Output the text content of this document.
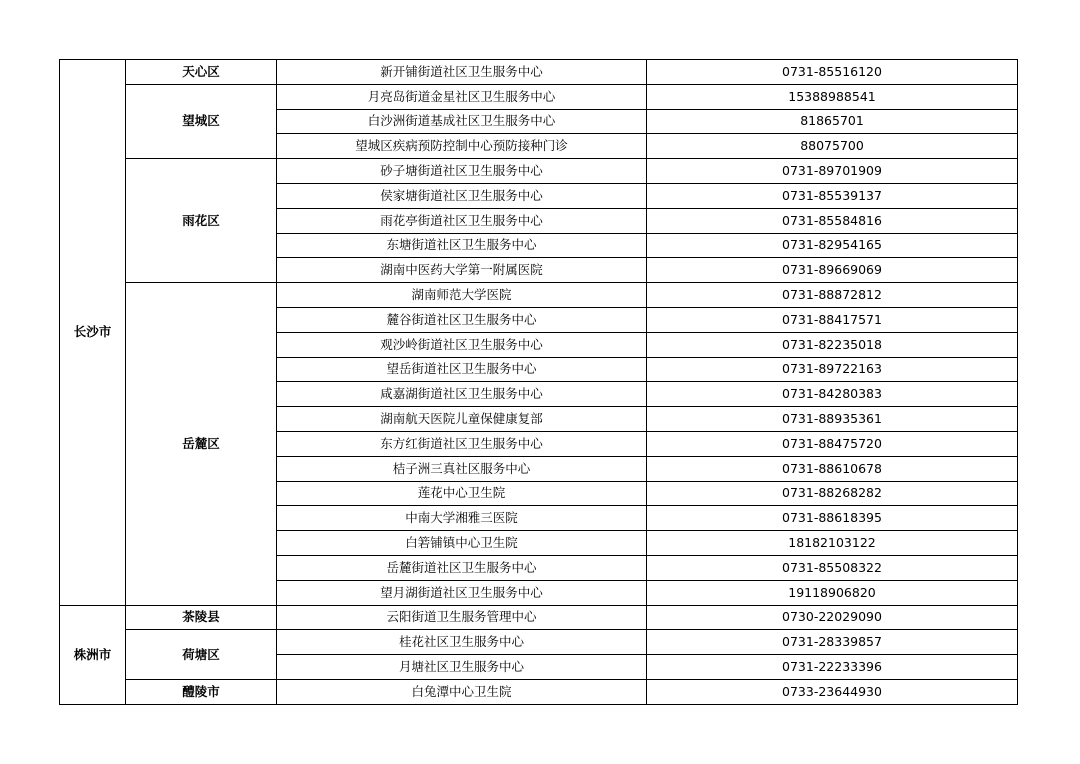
长沙市	天心区	新开铺街道社区卫生服务中心	0731-85516120
	望城区	月亮岛街道金星社区卫生服务中心	15388988541
		白沙洲街道基成社区卫生服务中心	81865701
		望城区疾病预防控制中心预防接种门诊	88075700
	雨花区	砂子塘街道社区卫生服务中心	0731-89701909
		侯家塘街道社区卫生服务中心	0731-85539137
		雨花亭街道社区卫生服务中心	0731-85584816
		东塘街道社区卫生服务中心	0731-82954165
		湖南中医药大学第一附属医院	0731-89669069
	岳麓区	湖南师范大学医院	0731-88872812
		麓谷街道社区卫生服务中心	0731-88417571
		观沙岭街道社区卫生服务中心	0731-82235018
		望岳街道社区卫生服务中心	0731-89722163
		咸嘉湖街道社区卫生服务中心	0731-84280383
		湖南航天医院儿童保健康复部	0731-88935361
		东方红街道社区卫生服务中心	0731-88475720
		桔子洲三真社区服务中心	0731-88610678
		莲花中心卫生院	0731-88268282
		中南大学湘雅三医院	0731-88618395
		白箬铺镇中心卫生院	18182103122
		岳麓街道社区卫生服务中心	0731-85508322
		望月湖街道社区卫生服务中心	19118906820
株洲市	茶陵县	云阳街道卫生服务管理中心	0730-22029090
	荷塘区	桂花社区卫生服务中心	0731-28339857
		月塘社区卫生服务中心	0731-22233396
	醴陵市	白兔潭中心卫生院	0733-23644930
